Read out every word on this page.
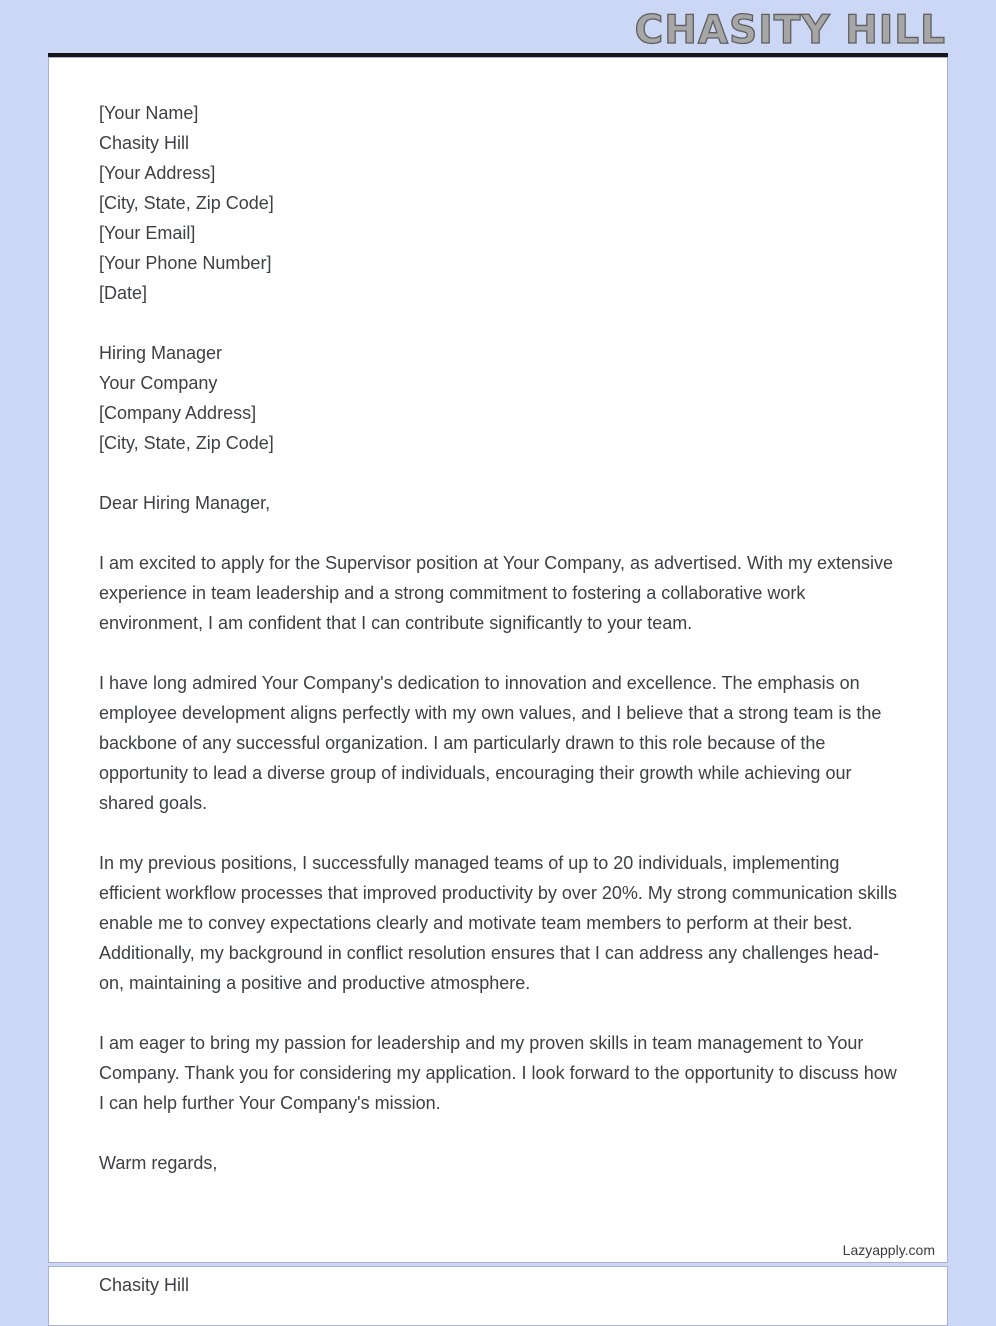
CHASITY HILL
[Your Name]
Chasity Hill
[Your Address]
[City, State, Zip Code]
[Your Email]
[Your Phone Number]
[Date]
Hiring Manager
Your Company
[Company Address]
[City, State, Zip Code]

Dear Hiring Manager,

I am excited to apply for the Supervisor position at Your Company, as advertised. With my extensive experience in team leadership and a strong commitment to fostering a collaborative work environment, I am confident that I can contribute significantly to your team.

I have long admired Your Company's dedication to innovation and excellence. The emphasis on employee development aligns perfectly with my own values, and I believe that a strong team is the backbone of any successful organization. I am particularly drawn to this role because of the opportunity to lead a diverse group of individuals, encouraging their growth while achieving our shared goals.

In my previous positions, I successfully managed teams of up to 20 individuals, implementing efficient workflow processes that improved productivity by over 20%. My strong communication skills enable me to convey expectations clearly and motivate team members to perform at their best. Additionally, my background in conflict resolution ensures that I can address any challenges head-on, maintaining a positive and productive atmosphere.

I am eager to bring my passion for leadership and my proven skills in team management to Your Company. Thank you for considering my application. I look forward to the opportunity to discuss how I can help further Your Company's mission.

Warm regards,

Lazyapply.com
Chasity Hill
